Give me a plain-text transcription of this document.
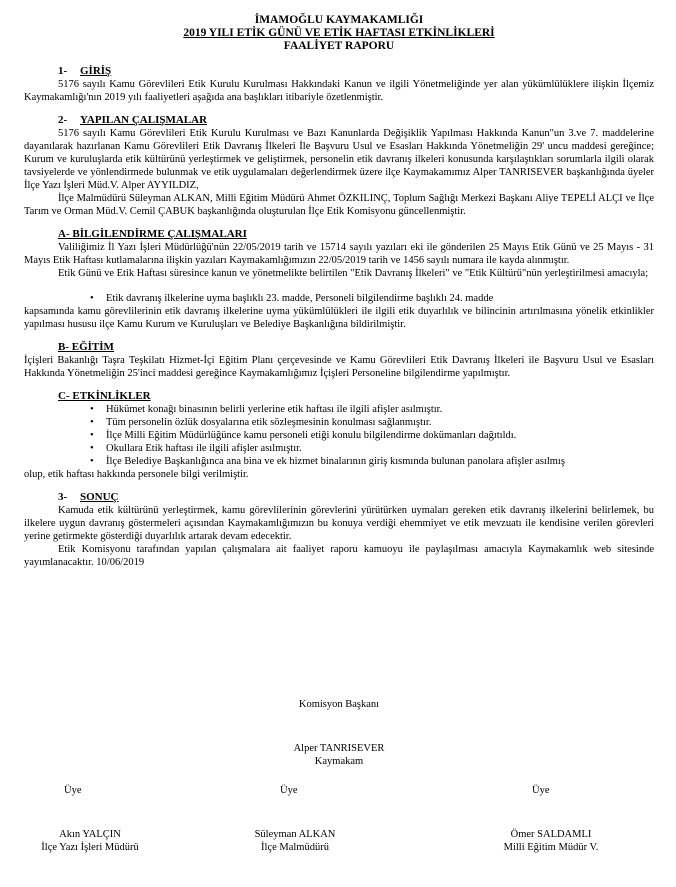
İMAMOĞLU KAYMAKAMLIĞI
2019 YILI ETİK GÜNÜ VE ETİK HAFTASI ETKİNLİKLERİ
FAALİYET RAPORU
1- GİRİŞ

5176 sayılı Kamu Görevlileri Etik Kurulu Kurulması Hakkındaki Kanun ve ilgili Yönetmeliğinde yer alan yükümlülüklere ilişkin İlçemiz Kaymakamlığı'nın 2019 yılı faaliyetleri aşağıda ana başlıkları itibariyle özetlenmiştir.

2- YAPILAN ÇALIŞMALAR

5176 sayılı Kamu Görevlileri Etik Kurulu Kurulması ve Bazı Kanunlarda Değişiklik Yapılması Hakkında Kanun"un 3.ve 7. maddelerine dayanılarak hazırlanan Kamu Görevlileri Etik Davranış İlkeleri İle Başvuru Usul ve Esasları Hakkında Yönetmeliğin 29' uncu maddesi gereğince; Kurum ve kuruluşlarda etik kültürünü yerleştirmek ve geliştirmek, personelin etik davranış ilkeleri konusunda karşılaştıkları sorumlarla ilgili olarak tavsiyelerde ve yönlendirmede bulunmak ve etik uygulamaları değerlendirmek üzere ilçe Kaymakamımız Alper TANRISEVER başkanlığında üyeler İlçe Yazı İşleri Müd.V. Alper AYYILDIZ,

İlçe Malmüdürü Süleyman ALKAN, Milli Eğitim Müdürü Ahmet ÖZKILINÇ, Toplum Sağlığı Merkezi Başkanı Aliye TEPELİ ALÇI ve İlçe Tarım ve Orman Müd.V. Cemil ÇABUK başkanlığında oluşturulan İlçe Etik Komisyonu güncellenmiştir.

A- BİLGİLENDİRME ÇALIŞMALARI

Valiliğimiz İl Yazı İşleri Müdürlüğü'nün 22/05/2019 tarih ve 15714 sayılı yazıları eki ile gönderilen 25 Mayıs Etik Günü ve 25 Mayıs - 31 Mayıs Etik Haftası kutlamalarına ilişkin yazıları Kaymakamlığımızın 22/05/2019 tarih ve 1456 sayılı numara ile kayda alınmıştır.

Etik Günü ve Etik Haftası süresince kanun ve yönetmelikte belirtilen "Etik Davranış İlkeleri" ve "Etik Kültürü"nün yerleştirilmesi amacıyla;

• Etik davranış ilkelerine uyma başlıklı 23. madde, Personeli bilgilendirme başlıklı 24. madde

kapsamında kamu görevlilerinin etik davranış ilkelerine uyma yükümlülükleri ile ilgili etik duyarlılık ve bilincinin artırılmasına yönelik etkinlikler yapılması hususu ilçe Kamu Kurum ve Kuruluşları ve Belediye Başkanlığına bildirilmiştir.

B- EĞİTİM

İçişleri Bakanlığı Taşra Teşkilatı Hizmet-İçi Eğitim Planı çerçevesinde ve Kamu Görevlileri Etik Davranış İlkeleri ile Başvuru Usul ve Esasları Hakkında Yönetmeliğin 25'inci maddesi gereğince Kaymakamlığımız İçişleri Personeline bilgilendirme yapılmıştır.

C- ETKİNLİKLER
• Hükümet konağı binasının belirli yerlerine etik haftası ile ilgili afişler asılmıştır.
• Tüm personelin özlük dosyalarına etik sözleşmesinin konulması sağlanmıştır.
• İlçe Milli Eğitim Müdürlüğünce kamu personeli etiği konulu bilgilendirme dokümanları dağıtıldı.
• Okullara Etik haftası ile ilgili afişler asılmıştır.
• İlçe Belediye Başkanlığınca ana bina ve ek hizmet binalarının giriş kısmında bulunan panolara afişler asılmış

olup, etik haftası hakkında personele bilgi verilmiştir.

3- SONUÇ

Kamuda etik kültürünü yerleştirmek, kamu görevlilerinin görevlerini yürütürken uymaları gereken etik davranış ilkelerini belirlemek, bu ilkelere uygun davranış göstermeleri açısından Kaymakamlığımızın bu konuya verdiği ehemmiyet ve etik mevzuatı ile kendisine verilen görevleri yerine getirmekte gösterdiği duyarlılık artarak devam edecektir.

Etik Komisyonu tarafından yapılan çalışmalara ait faaliyet raporu kamuoyu ile paylaşılması amacıyla Kaymakamlık web sitesinde yayımlanacaktır. 10/06/2019

Komisyon Başkanı
Alper TANRISEVER
Kaymakam
Üye	Üye	Üye
Akın YALÇIN
İlçe Yazı İşleri Müdürü
Süleyman ALKAN
İlçe Malmüdürü
Ömer SALDAMLI
Milli Eğitim Müdür V.
